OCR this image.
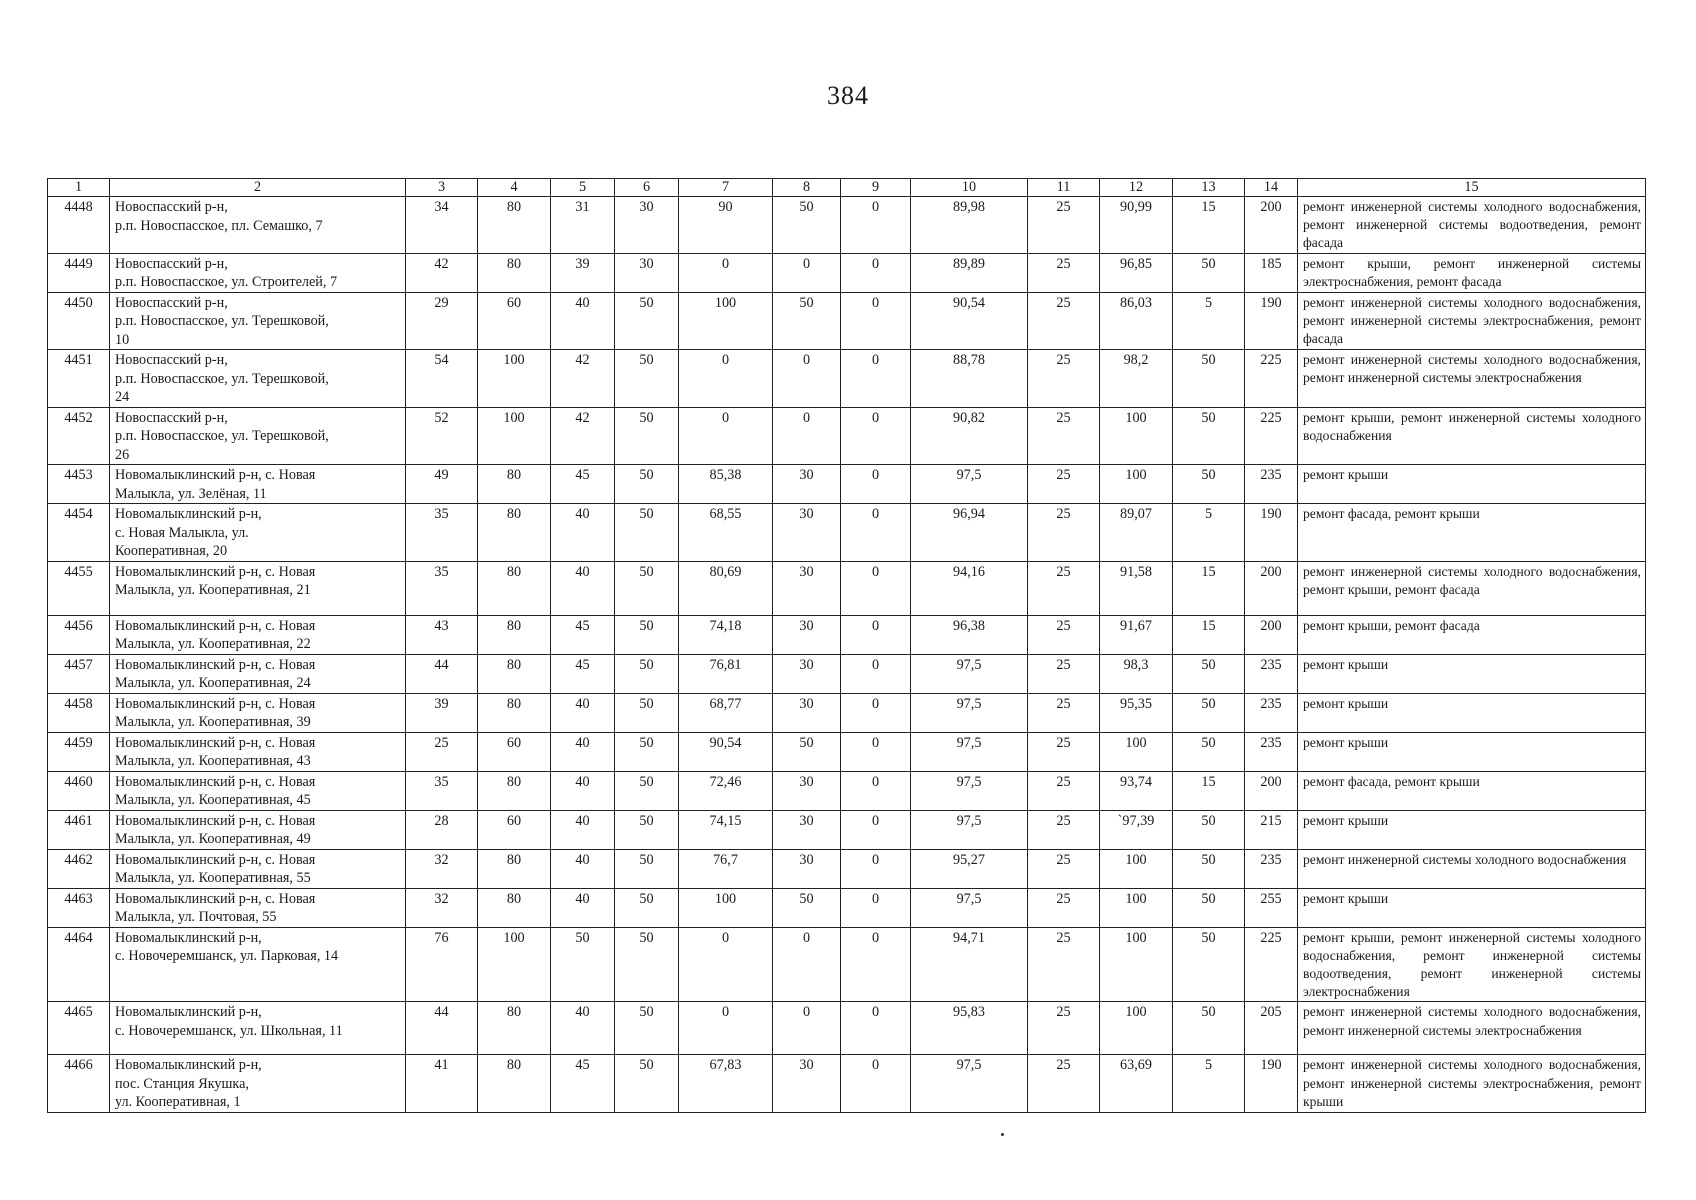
384
1	2	3	4	5	6	7	8	9	10	11	12	13	14	15
4448	Новоспасский р-н,
р.п. Новоспасское, пл. Семашко, 7	34	80	31	30	90	50	0	89,98	25	90,99	15	200	ремонт инженерной системы холодного водоснабжения, ремонт инженерной системы водоотведения, ремонт фасада
4449	Новоспасский р-н,
р.п. Новоспасское, ул. Строителей, 7	42	80	39	30	0	0	0	89,89	25	96,85	50	185	ремонт крыши, ремонт инженерной системы электроснабжения, ремонт фасада
4450	Новоспасский р-н,
р.п. Новоспасское, ул. Терешковой,
10	29	60	40	50	100	50	0	90,54	25	86,03	5	190	ремонт инженерной системы холодного водоснабжения, ремонт инженерной системы электроснабжения, ремонт фасада
4451	Новоспасский р-н,
р.п. Новоспасское, ул. Терешковой,
24	54	100	42	50	0	0	0	88,78	25	98,2	50	225	ремонт инженерной системы холодного водоснабжения, ремонт инженерной системы электроснабжения
4452	Новоспасский р-н,
р.п. Новоспасское, ул. Терешковой,
26	52	100	42	50	0	0	0	90,82	25	100	50	225	ремонт крыши, ремонт инженерной системы холодного водоснабжения
4453	Новомалыклинский р-н, с. Новая
Малыкла, ул. Зелёная, 11	49	80	45	50	85,38	30	0	97,5	25	100	50	235	ремонт крыши
4454	Новомалыклинский р-н,
с. Новая Малыкла, ул.
Кооперативная, 20	35	80	40	50	68,55	30	0	96,94	25	89,07	5	190	ремонт фасада, ремонт крыши
4455	Новомалыклинский р-н, с. Новая
Малыкла, ул. Кооперативная, 21	35	80	40	50	80,69	30	0	94,16	25	91,58	15	200	ремонт инженерной системы холодного водоснабжения, ремонт крыши, ремонт фасада
4456	Новомалыклинский р-н, с. Новая
Малыкла, ул. Кооперативная, 22	43	80	45	50	74,18	30	0	96,38	25	91,67	15	200	ремонт крыши, ремонт фасада
4457	Новомалыклинский р-н, с. Новая
Малыкла, ул. Кооперативная, 24	44	80	45	50	76,81	30	0	97,5	25	98,3	50	235	ремонт крыши
4458	Новомалыклинский р-н, с. Новая
Малыкла, ул. Кооперативная, 39	39	80	40	50	68,77	30	0	97,5	25	95,35	50	235	ремонт крыши
4459	Новомалыклинский р-н, с. Новая
Малыкла, ул. Кооперативная, 43	25	60	40	50	90,54	50	0	97,5	25	100	50	235	ремонт крыши
4460	Новомалыклинский р-н, с. Новая
Малыкла, ул. Кооперативная, 45	35	80	40	50	72,46	30	0	97,5	25	93,74	15	200	ремонт фасада, ремонт крыши
4461	Новомалыклинский р-н, с. Новая
Малыкла, ул. Кооперативная, 49	28	60	40	50	74,15	30	0	97,5	25	`97,39	50	215	ремонт крыши
4462	Новомалыклинский р-н, с. Новая
Малыкла, ул. Кооперативная, 55	32	80	40	50	76,7	30	0	95,27	25	100	50	235	ремонт инженерной системы холодного водоснабжения
4463	Новомалыклинский р-н, с. Новая
Малыкла, ул. Почтовая, 55	32	80	40	50	100	50	0	97,5	25	100	50	255	ремонт крыши
4464	Новомалыклинский р-н,
с. Новочеремшанск, ул. Парковая, 14	76	100	50	50	0	0	0	94,71	25	100	50	225	ремонт крыши, ремонт инженерной системы холодного водоснабжения, ремонт инженерной системы водоотведения, ремонт инженерной системы электроснабжения
4465	Новомалыклинский р-н,
с. Новочеремшанск, ул. Школьная, 11	44	80	40	50	0	0	0	95,83	25	100	50	205	ремонт инженерной системы холодного водоснабжения, ремонт инженерной системы электроснабжения
4466	Новомалыклинский р-н,
пос. Станция Якушка,
ул. Кооперативная, 1	41	80	45	50	67,83	30	0	97,5	25	63,69	5	190	ремонт инженерной системы холодного водоснабжения, ремонт инженерной системы электроснабжения, ремонт крыши
